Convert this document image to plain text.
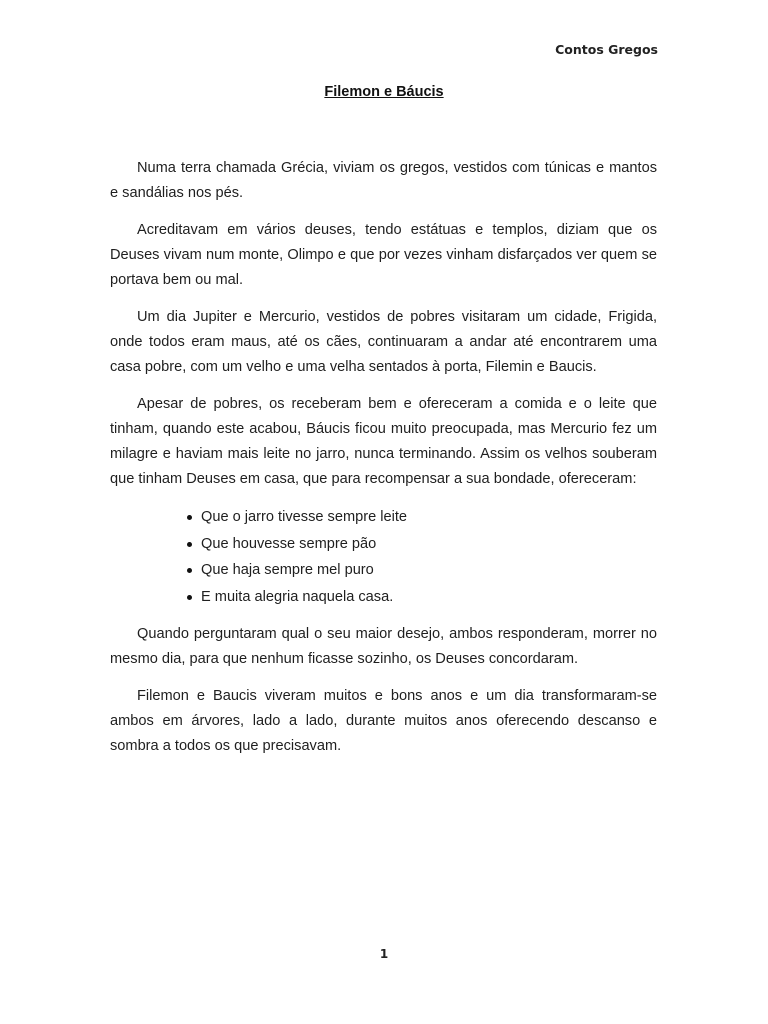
Contos Gregos
Filemon e Báucis

Numa terra chamada Grécia, viviam os gregos, vestidos com túnicas e mantos e sandálias nos pés.

Acreditavam em vários deuses, tendo estátuas e templos, diziam que os Deuses vivam num monte, Olimpo e que por vezes vinham disfarçados ver quem se portava bem ou mal.

Um dia Jupiter e Mercurio, vestidos de pobres visitaram um cidade, Frigida, onde todos eram maus, até os cães, continuaram a andar até encontrarem uma casa pobre, com um velho e uma velha sentados à porta, Filemin e Baucis.

Apesar de pobres, os receberam bem e ofereceram a comida e o leite que tinham, quando este acabou, Báucis ficou muito preocupada, mas Mercurio fez um milagre e haviam mais leite no jarro, nunca terminando. Assim os velhos souberam que tinham Deuses em casa, que para recompensar a sua bondade, ofereceram:

Que o jarro tivesse sempre leite
Que houvesse sempre pão
Que haja sempre mel puro
E muita alegria naquela casa.

Quando perguntaram qual o seu maior desejo, ambos responderam, morrer no mesmo dia, para que nenhum ficasse sozinho, os Deuses concordaram.

Filemon e Baucis viveram muitos e bons anos e um dia transformaram-se ambos em árvores, lado a lado, durante muitos anos oferecendo descanso e sombra a todos os que precisavam.

1
